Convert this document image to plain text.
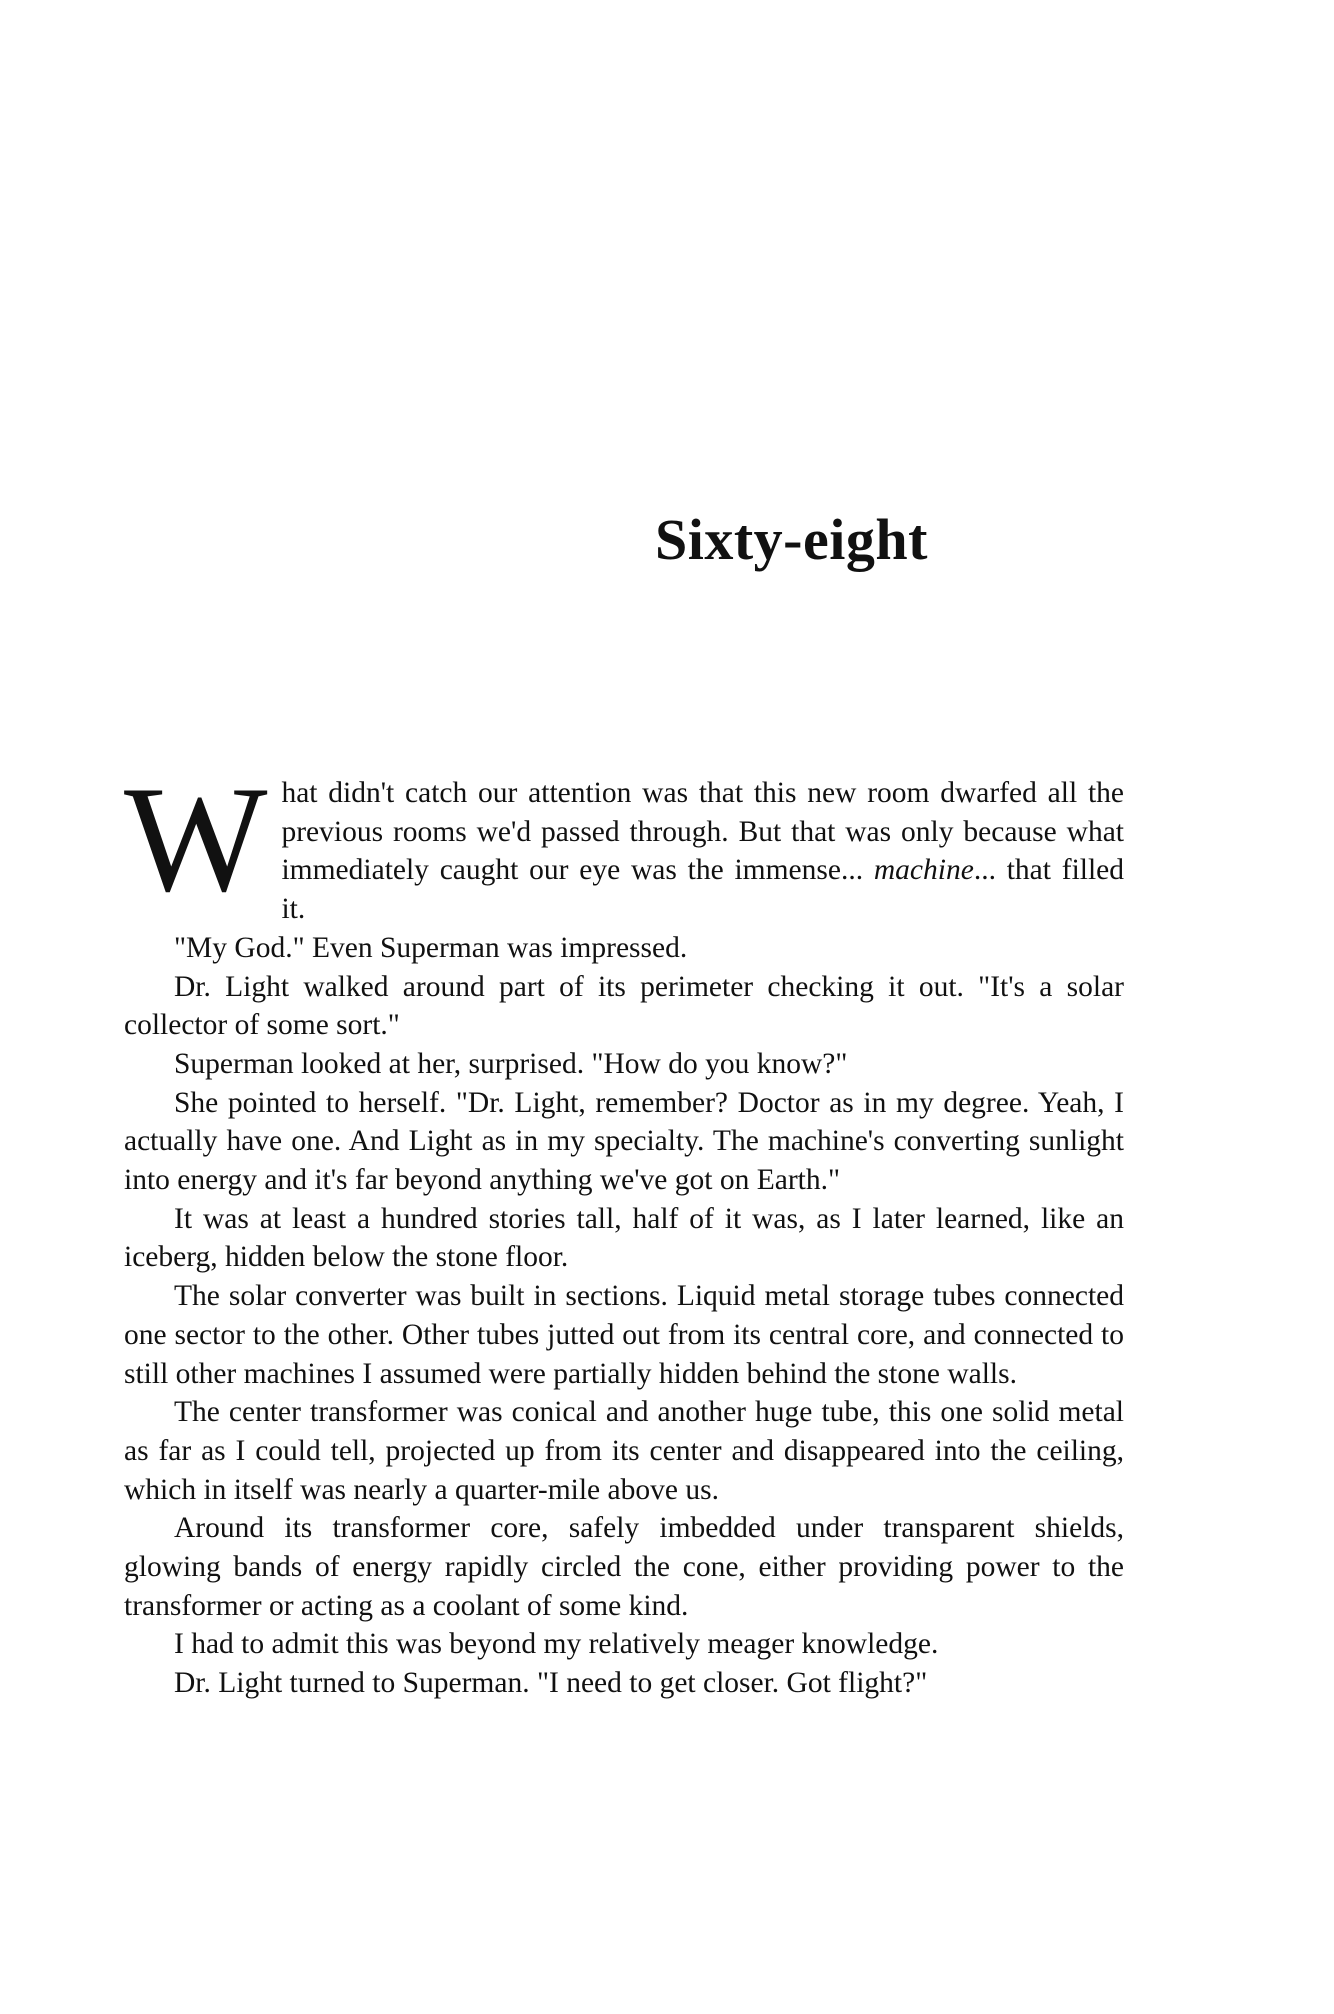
Sixty-eight

What didn't catch our attention was that this new room dwarfed all the previous rooms we'd passed through. But that was only because what immediately caught our eye was the immense... machine... that filled it.

"My God." Even Superman was impressed.

Dr. Light walked around part of its perimeter checking it out. "It's a solar collector of some sort."

Superman looked at her, surprised. "How do you know?"

She pointed to herself. "Dr. Light, remember? Doctor as in my degree. Yeah, I actually have one. And Light as in my specialty. The machine's converting sunlight into energy and it's far beyond anything we've got on Earth."

It was at least a hundred stories tall, half of it was, as I later learned, like an iceberg, hidden below the stone floor.

The solar converter was built in sections. Liquid metal storage tubes connected one sector to the other. Other tubes jutted out from its central core, and connected to still other machines I assumed were partially hidden behind the stone walls.

The center transformer was conical and another huge tube, this one solid metal as far as I could tell, projected up from its center and disappeared into the ceiling, which in itself was nearly a quarter-mile above us.

Around its transformer core, safely imbedded under transparent shields, glowing bands of energy rapidly circled the cone, either providing power to the transformer or acting as a coolant of some kind.

I had to admit this was beyond my relatively meager knowledge.

Dr. Light turned to Superman. "I need to get closer. Got flight?"
